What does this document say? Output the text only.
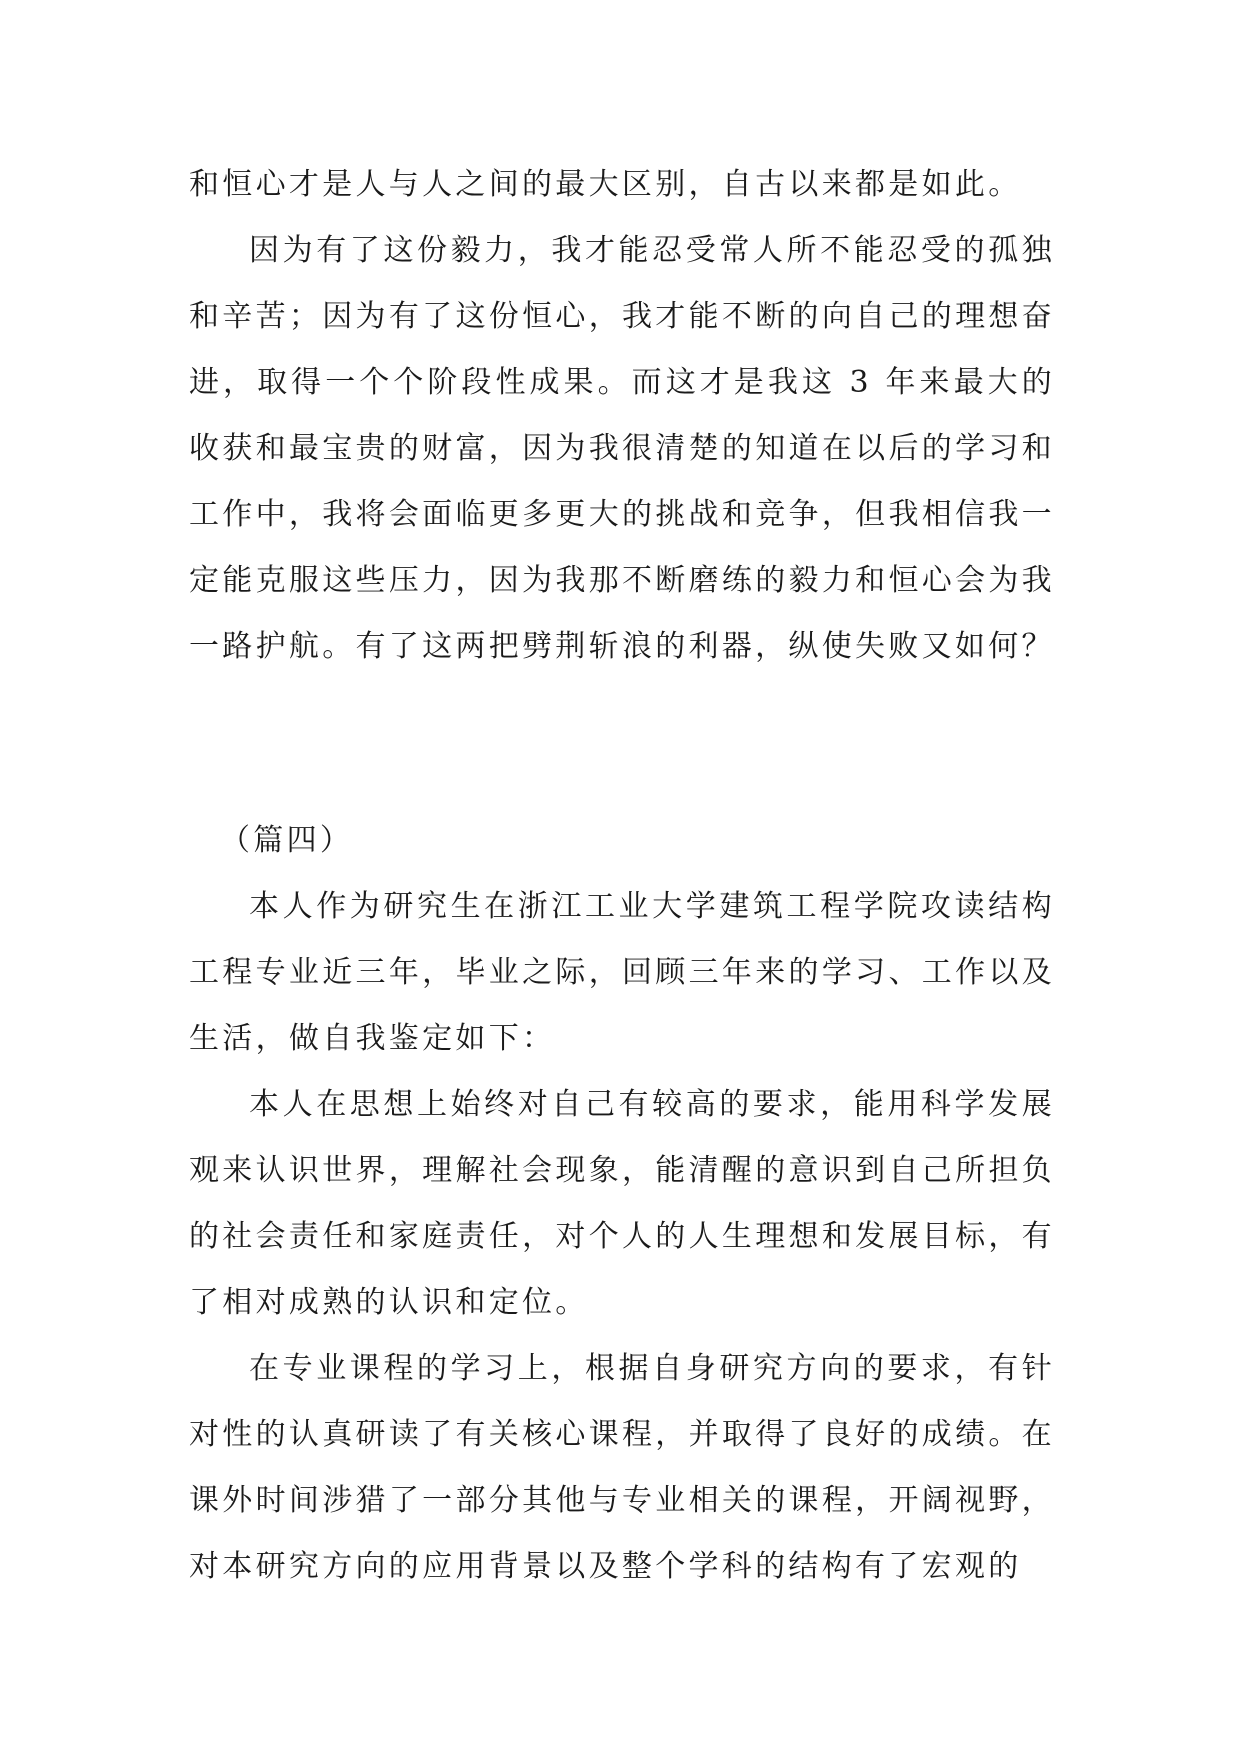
和恒心才是人与人之间的最大区别，自古以来都是如此。

因为有了这份毅力，我才能忍受常人所不能忍受的孤独和辛苦；因为有了这份恒心，我才能不断的向自己的理想奋进，取得一个个阶段性成果。而这才是我这 3 年来最大的收获和最宝贵的财富，因为我很清楚的知道在以后的学习和工作中，我将会面临更多更大的挑战和竞争，但我相信我一定能克服这些压力，因为我那不断磨练的毅力和恒心会为我一路护航。有了这两把劈荆斩浪的利器，纵使失败又如何？

（篇四）

本人作为研究生在浙江工业大学建筑工程学院攻读结构工程专业近三年，毕业之际，回顾三年来的学习、工作以及生活，做自我鉴定如下：

本人在思想上始终对自己有较高的要求，能用科学发展观来认识世界，理解社会现象，能清醒的意识到自己所担负的社会责任和家庭责任，对个人的人生理想和发展目标，有了相对成熟的认识和定位。

在专业课程的学习上，根据自身研究方向的要求，有针对性的认真研读了有关核心课程，并取得了良好的成绩。在课外时间涉猎了一部分其他与专业相关的课程，开阔视野，对本研究方向的应用背景以及整个学科的结构有了宏观的
